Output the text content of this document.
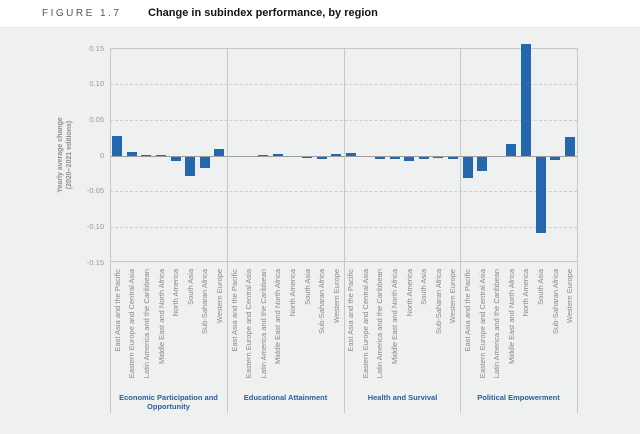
FIGURE 1.7 Change in subindex performance, by region
Yearly average change (2020–2021 editions)
0.15
0.10
0.05
0
-0.05
-0.10
-0.15
East Asia and the Pacific Eastern Europe and Central Asia Latin America and the Caribbean Middle East and North Africa North America South Asia Sub-Saharan Africa Western Europe East Asia and the Pacific Eastern Europe and Central Asia Latin America and the Caribbean Middle East and North Africa North America South Asia Sub-Saharan Africa Western Europe East Asia and the Pacific Eastern Europe and Central Asia Latin America and the Caribbean Middle East and North Africa North America South Asia Sub-Saharan Africa Western Europe East Asia and the Pacific Eastern Europe and Central Asia Latin America and the Caribbean Middle East and North Africa North America South Asia Sub-Saharan Africa Western Europe
Economic Participation and Opportunity
Educational Attainment	Health and Survival	Political Empowerment
